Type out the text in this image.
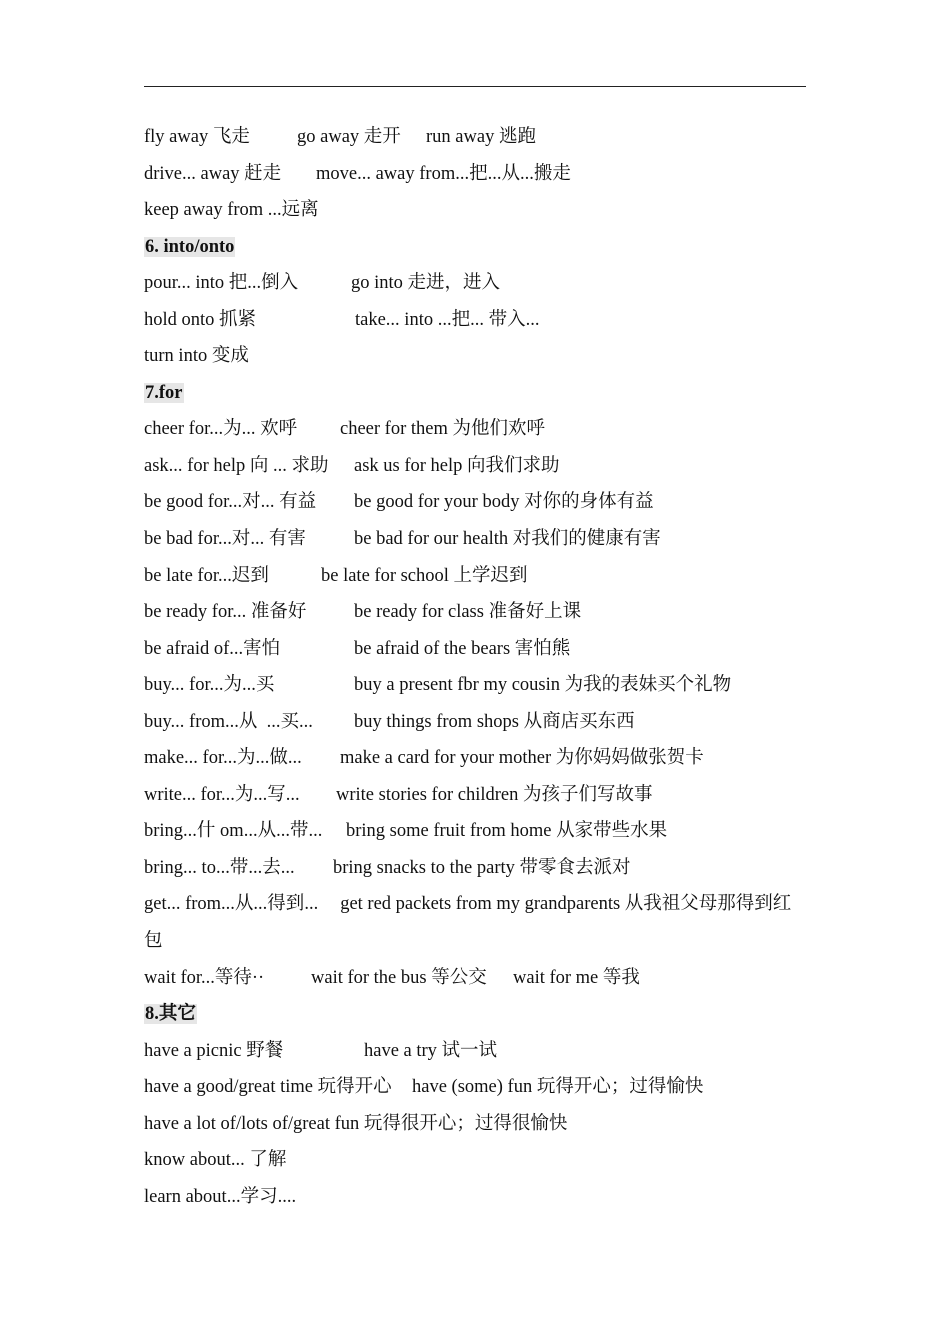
fly away 飞走	go away 走开 run away 逃跑
drive... away 赶走 move... away from...把...从...搬走
keep away from ...远离
6. into/onto
pour... into 把...倒入	go into 走进，进入
hold onto 抓紧	take... into ...把... 带入...
turn into 变成
7.for
cheer for...为... 欢呼 cheer for them 为他们欢呼
ask... for help 向 ... 求助 ask us for help 向我们求助
be good for...对... 有益 be good for your body 对你的身体有益
be bad for...对... 有害	be bad for our health 对我们的健康有害
be late for...迟到	be late for school 上学迟到
be ready for... 准备好	be ready for class 准备好上课
be afraid of...害怕	be afraid of the bears 害怕熊
buy... for...为...买	buy a present fbr my cousin 为我的表妹买个礼物
buy... from...从  ...买... buy things from shops 从商店买东西
make... for...为...做... make a card for your mother 为你妈妈做张贺卡
write... for...为...写... write stories for children 为孩子们写故事
bring...什 om...从...带... bring some fruit from home 从家带些水果
bring... to...带...去... bring snacks to the party 带零食去派对
get... from...从...得到... get red packets from my grandparents 从我祖父母那得到红包
wait for...等待··	wait for the bus 等公交 wait for me 等我
8.其它
have a picnic 野餐	have a try 试一试
have a good/great time 玩得开心 have (some) fun 玩得开心；过得愉快
have a lot of/lots of/great fun 玩得很开心；过得很愉快
know about... 了解
learn about...学习....
